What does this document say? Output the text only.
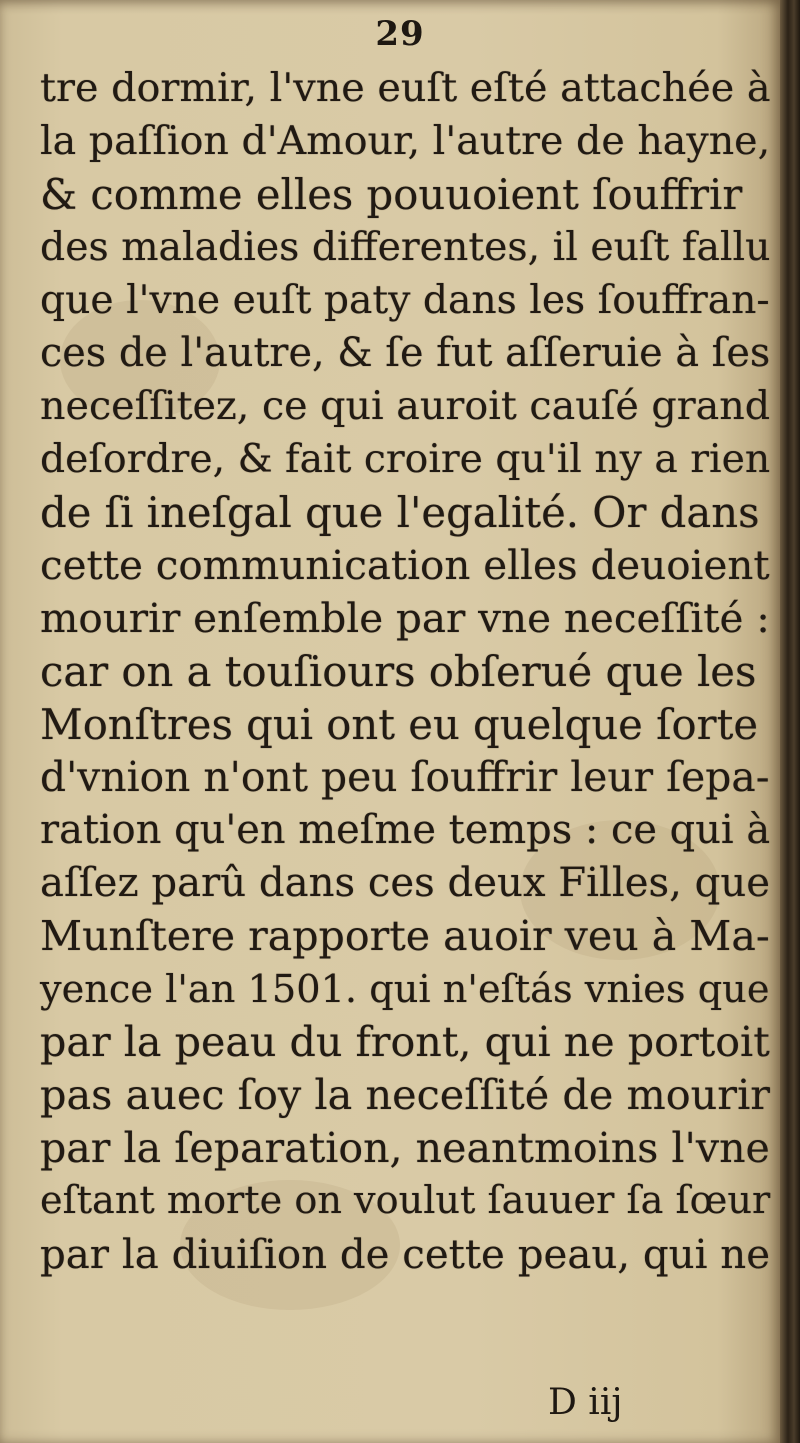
29
tre dormir, l'vne euſt eſté attachée à
la paſſion d'Amour, l'autre de hayne,
& comme elles pouuoient ſouffrir
des maladies differentes, il euſt fallu
que l'vne euſt paty dans les ſouffran-
ces de l'autre, & ſe fut aſſeruie à ſes
neceſſitez, ce qui auroit cauſé grand
deſordre, & fait croire qu'il ny a rien
de ſi ineſgal que l'egalité. Or dans
cette communication elles deuoient
mourir enſemble par vne neceſſité :
car on a touſiours obſerué que les
Monſtres qui ont eu quelque ſorte
d'vnion n'ont peu ſouffrir leur ſepa-
ration qu'en meſme temps : ce qui à
aſſez parû dans ces deux Filles, que
Munſtere rapporte auoir veu à Ma-
yence l'an 1501. qui n'eſtás vnies que
par la peau du front, qui ne portoit
pas auec ſoy la neceſſité de mourir
par la ſeparation, neantmoins l'vne
eſtant morte on voulut ſauuer ſa ſœur
par la diuiſion de cette peau, qui ne
D iij
